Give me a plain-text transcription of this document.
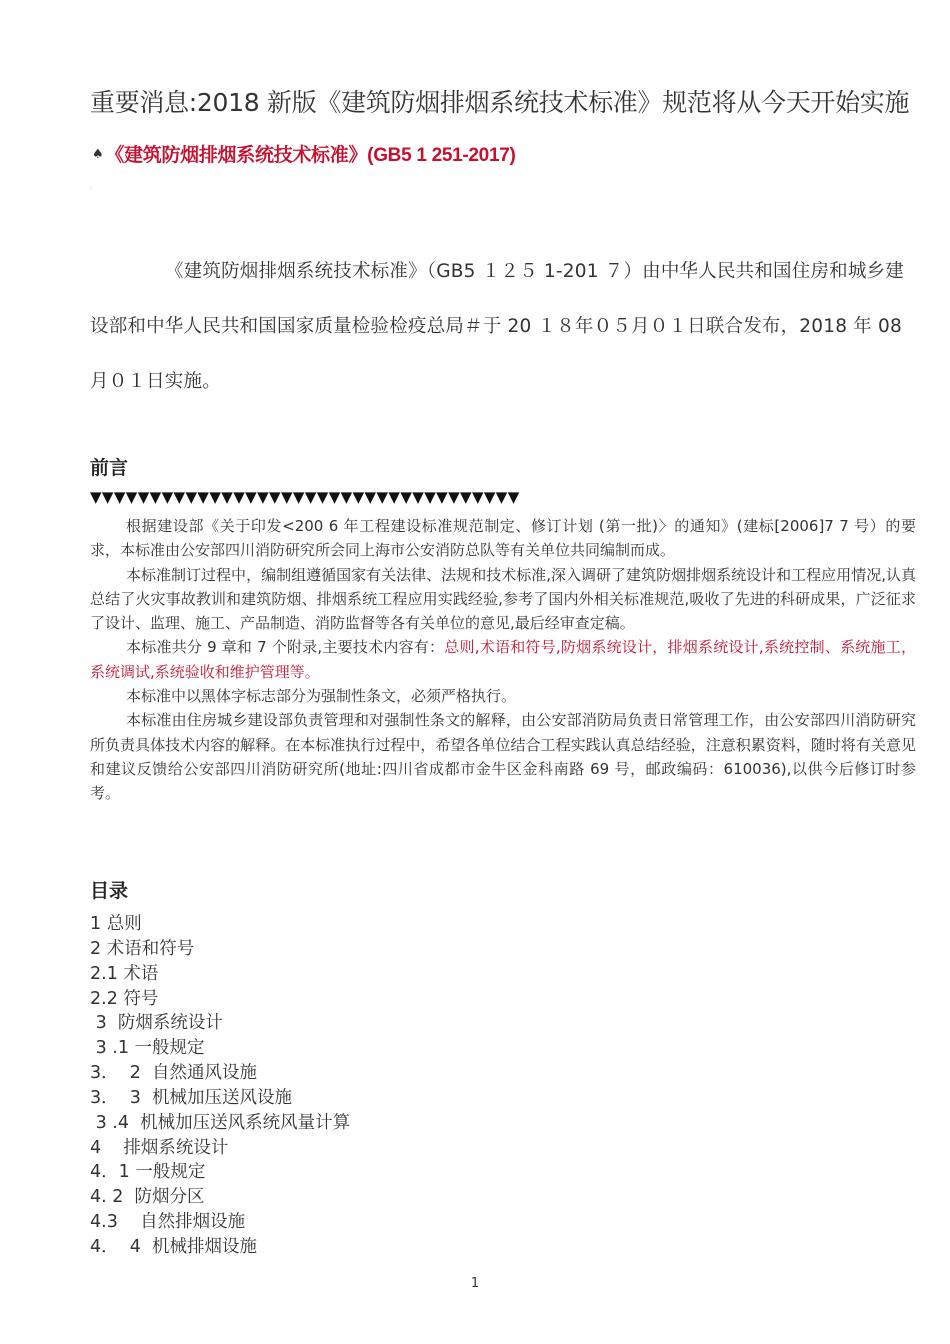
重要消息:2018 新版《建筑防烟排烟系统技术标准》规范将从今天开始实施♠ 《建筑防烟排烟系统技术标准》(GB5 1 251-2017)
·
《建筑防烟排烟系统技术标准》（GB5 １２５ 1-201 ７）由中华人民共和国住房和城乡建设部和中华人民共和国国家质量检验检疫总局＃于 20 １８年０５月０１日联合发布，2018 年 08 月０１日实施。
前言
▼▼▼▼▼▼▼▼▼▼▼▼▼▼▼▼▼▼▼▼▼▼▼▼▼▼▼▼▼▼▼▼▼▼▼▼

根据建设部《关于印发<200 6 年工程建设标准规范制定、修订计划 (第一批)〉的通知》(建标[2006]7 7 号）的要求，本标准由公安部四川消防研究所会同上海市公安消防总队等有关单位共同编制而成。

本标准制订过程中，编制组遵循国家有关法律、法规和技术标准,深入调研了建筑防烟排烟系统设计和工程应用情况,认真总结了火灾事故教训和建筑防烟、排烟系统工程应用实践经验,参考了国内外相关标准规范,吸收了先进的科研成果，广泛征求了设计、监理、施工、产品制造、消防监督等各有关单位的意见,最后经审查定稿。

本标准共分 9 章和 7 个附录,主要技术内容有：总则,术语和符号,防烟系统设计，排烟系统设计,系统控制、系统施工，系统调试,系统验收和维护管理等。

本标准中以黑体字标志部分为强制性条文，必须严格执行。

本标准由住房城乡建设部负责管理和对强制性条文的解释，由公安部消防局负责日常管理工作，由公安部四川消防研究所负责具体技术内容的解释。在本标准执行过程中，希望各单位结合工程实践认真总结经验，注意积累资料，随时将有关意见和建议反馈给公安部四川消防研究所(地址:四川省成都市金牛区金科南路 69 号，邮政编码：610036),以供今后修订时参考。

目录
1 总则
2 术语和符号
2.1 术语
2.2 符号
3  防烟系统设计
3 .1 一般规定
3．  2  自然通风设施
3．  3  机械加压送风设施
3 .4  机械加压送风系统风量计算
4    排烟系统设计
4．1 一般规定
4. 2  防烟分区
4.3    自然排烟设施
4．  4  机械排烟设施
1
